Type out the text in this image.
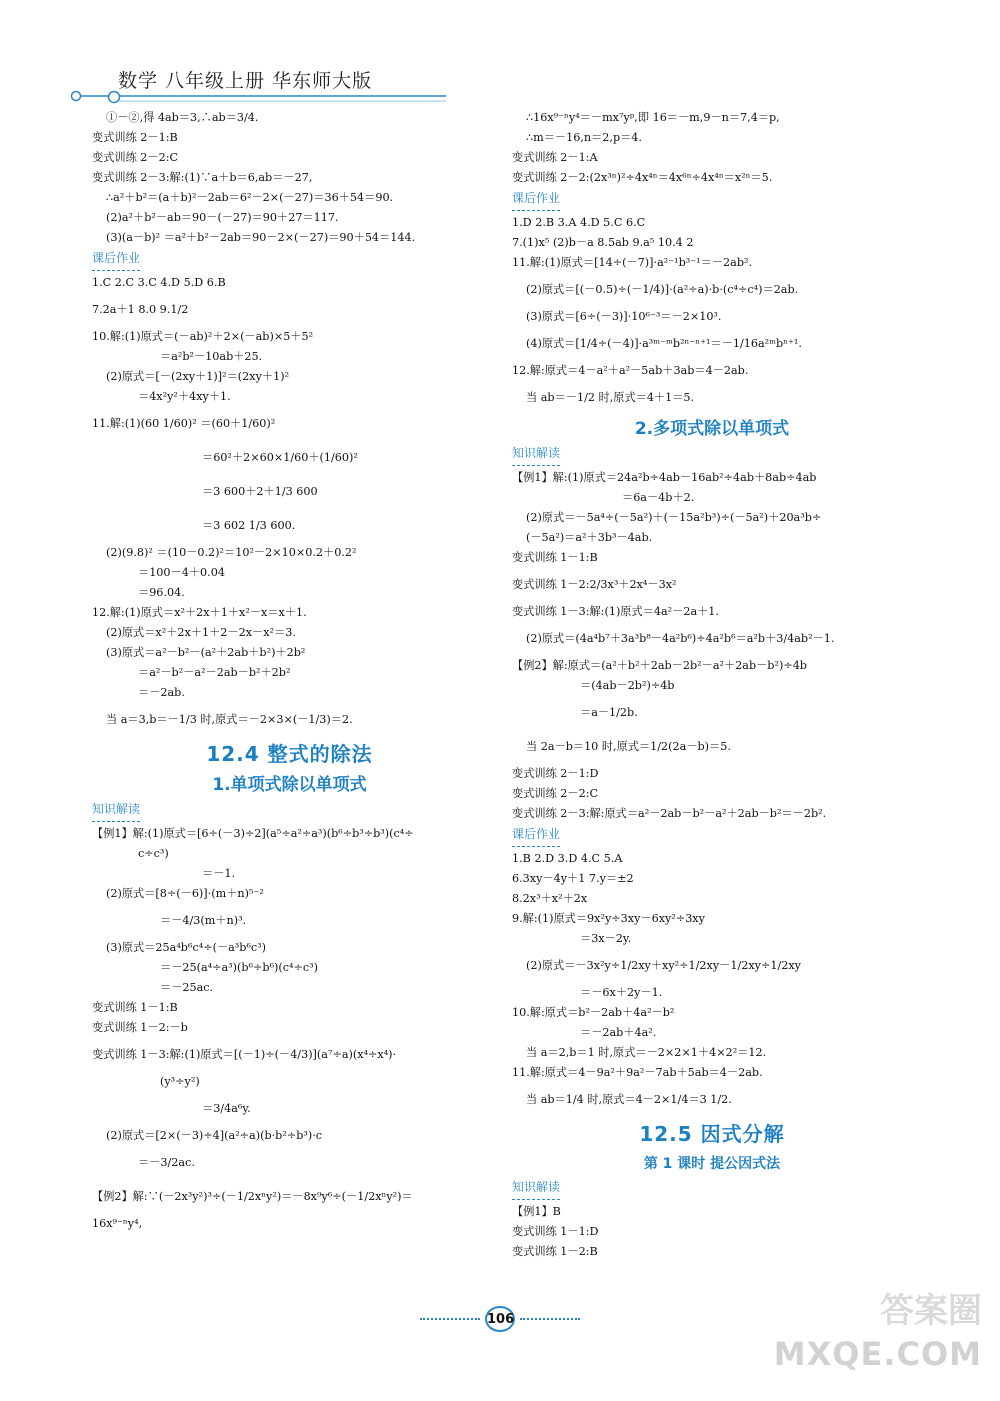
数学 八年级上册 华东师大版
①－②,得 4ab＝3,∴ab＝3/4.
变式训练 2－1:B
变式训练 2－2:C
变式训练 2－3:解:(1)∵a＋b＝6,ab＝－27,
∴a²＋b²＝(a＋b)²－2ab＝6²－2×(－27)＝36＋54＝90.
(2)a²＋b²－ab＝90－(－27)＝90＋27＝117.
(3)(a－b)² ＝a²＋b²－2ab＝90－2×(－27)＝90＋54＝144.
课后作业
1.C 2.C 3.C 4.D 5.D 6.B
7.2a＋1 8.0 9.1/2
10.解:(1)原式＝(－ab)²＋2×(－ab)×5＋5²
＝a²b²－10ab＋25.
(2)原式＝[－(2xy＋1)]²＝(2xy＋1)²
＝4x²y²＋4xy＋1.
11.解:(1)(60 1/60)² ＝(60＋1/60)²
＝60²＋2×60×1/60＋(1/60)²
＝3 600＋2＋1/3 600
＝3 602 1/3 600.
(2)(9.8)² ＝(10－0.2)²＝10²－2×10×0.2＋0.2²
＝100－4＋0.04
＝96.04.
12.解:(1)原式＝x²＋2x＋1＋x²－x＝x＋1.
(2)原式＝x²＋2x＋1＋2－2x－x²＝3.
(3)原式＝a²－b²－(a²＋2ab＋b²)＋2b²
＝a²－b²－a²－2ab－b²＋2b²
＝－2ab.
当 a＝3,b＝－1/3 时,原式＝－2×3×(－1/3)＝2.
12.4 整式的除法
1.单项式除以单项式
知识解读
【例1】解:(1)原式＝[6÷(－3)÷2](a⁵÷a²÷a³)(b⁶÷b³÷b³)(c⁴÷
c÷c³)
＝－1.
(2)原式＝[8÷(－6)]·(m＋n)⁵⁻²
＝－4/3(m＋n)³.
(3)原式＝25a⁴b⁶c⁴÷(－a³b⁶c³)
＝－25(a⁴÷a³)(b⁶÷b⁶)(c⁴÷c³)
＝－25ac.
变式训练 1－1:B
变式训练 1－2:－b
变式训练 1－3:解:(1)原式＝[(－1)÷(－4/3)](a⁷÷a)(x⁴÷x⁴)·
(y³÷y²)
＝3/4a⁶y.
(2)原式＝[2×(－3)÷4](a²÷a)(b·b²÷b³)·c
＝－3/2ac.
【例2】解:∵(－2x³y²)³÷(－1/2xⁿy²)＝－8x⁹y⁶÷(－1/2xⁿy²)＝
16x⁹⁻ⁿy⁴,
∴16x⁹⁻ⁿy⁴＝－mx⁷yᵖ,即 16＝－m,9－n＝7,4＝p,
∴m＝－16,n＝2,p＝4.
变式训练 2－1:A
变式训练 2－2:(2x³ⁿ)²÷4x⁴ⁿ＝4x⁶ⁿ÷4x⁴ⁿ＝x²ⁿ＝5.
课后作业
1.D 2.B 3.A 4.D 5.C 6.C
7.(1)x⁵ (2)b－a 8.5ab 9.a⁵ 10.4 2
11.解:(1)原式＝[14÷(－7)]·a²⁻¹b³⁻¹＝－2ab².
(2)原式＝[(－0.5)÷(－1/4)]·(a²÷a)·b·(c⁴÷c⁴)＝2ab.
(3)原式＝[6÷(－3)]·10⁶⁻³＝－2×10³.
(4)原式＝[1/4÷(－4)]·a³ᵐ⁻ᵐb²ⁿ⁻ⁿ⁺¹＝－1/16a²ᵐbⁿ⁺¹.
12.解:原式＝4－a²＋a²－5ab＋3ab＝4－2ab.
当 ab＝－1/2 时,原式＝4＋1＝5.
2.多项式除以单项式
知识解读
【例1】解:(1)原式＝24a²b÷4ab－16ab²÷4ab＋8ab÷4ab
＝6a－4b＋2.
(2)原式＝－5a⁴÷(－5a²)＋(－15a²b³)÷(－5a²)＋20a³b÷
(－5a²)＝a²＋3b³－4ab.
变式训练 1－1:B
变式训练 1－2:2/3x³＋2x⁴－3x²
变式训练 1－3:解:(1)原式＝4a²－2a＋1.
(2)原式＝(4a⁴b⁷＋3a³b⁸－4a²b⁶)÷4a²b⁶＝a²b＋3/4ab²－1.
【例2】解:原式＝(a²＋b²＋2ab－2b²－a²＋2ab－b²)÷4b
＝(4ab－2b²)÷4b
＝a－1/2b.
当 2a－b＝10 时,原式＝1/2(2a－b)＝5.
变式训练 2－1:D
变式训练 2－2:C
变式训练 2－3:解:原式＝a²－2ab－b²－a²＋2ab－b²＝－2b².
课后作业
1.B 2.D 3.D 4.C 5.A
6.3xy－4y＋1 7.y＝±2
8.2x³＋x²＋2x
9.解:(1)原式＝9x²y÷3xy－6xy²÷3xy
＝3x－2y.
(2)原式＝－3x²y÷1/2xy＋xy²÷1/2xy－1/2xy÷1/2xy
＝－6x＋2y－1.
10.解:原式＝b²－2ab＋4a²－b²
＝－2ab＋4a².
当 a＝2,b＝1 时,原式＝－2×2×1＋4×2²＝12.
11.解:原式＝4－9a²＋9a²－7ab＋5ab＝4－2ab.
当 ab＝1/4 时,原式＝4－2×1/4＝3 1/2.
12.5 因式分解
第 1 课时 提公因式法
知识解读
【例1】B
变式训练 1－1:D
变式训练 1－2:B
106	答案圈
MXQE.COM
